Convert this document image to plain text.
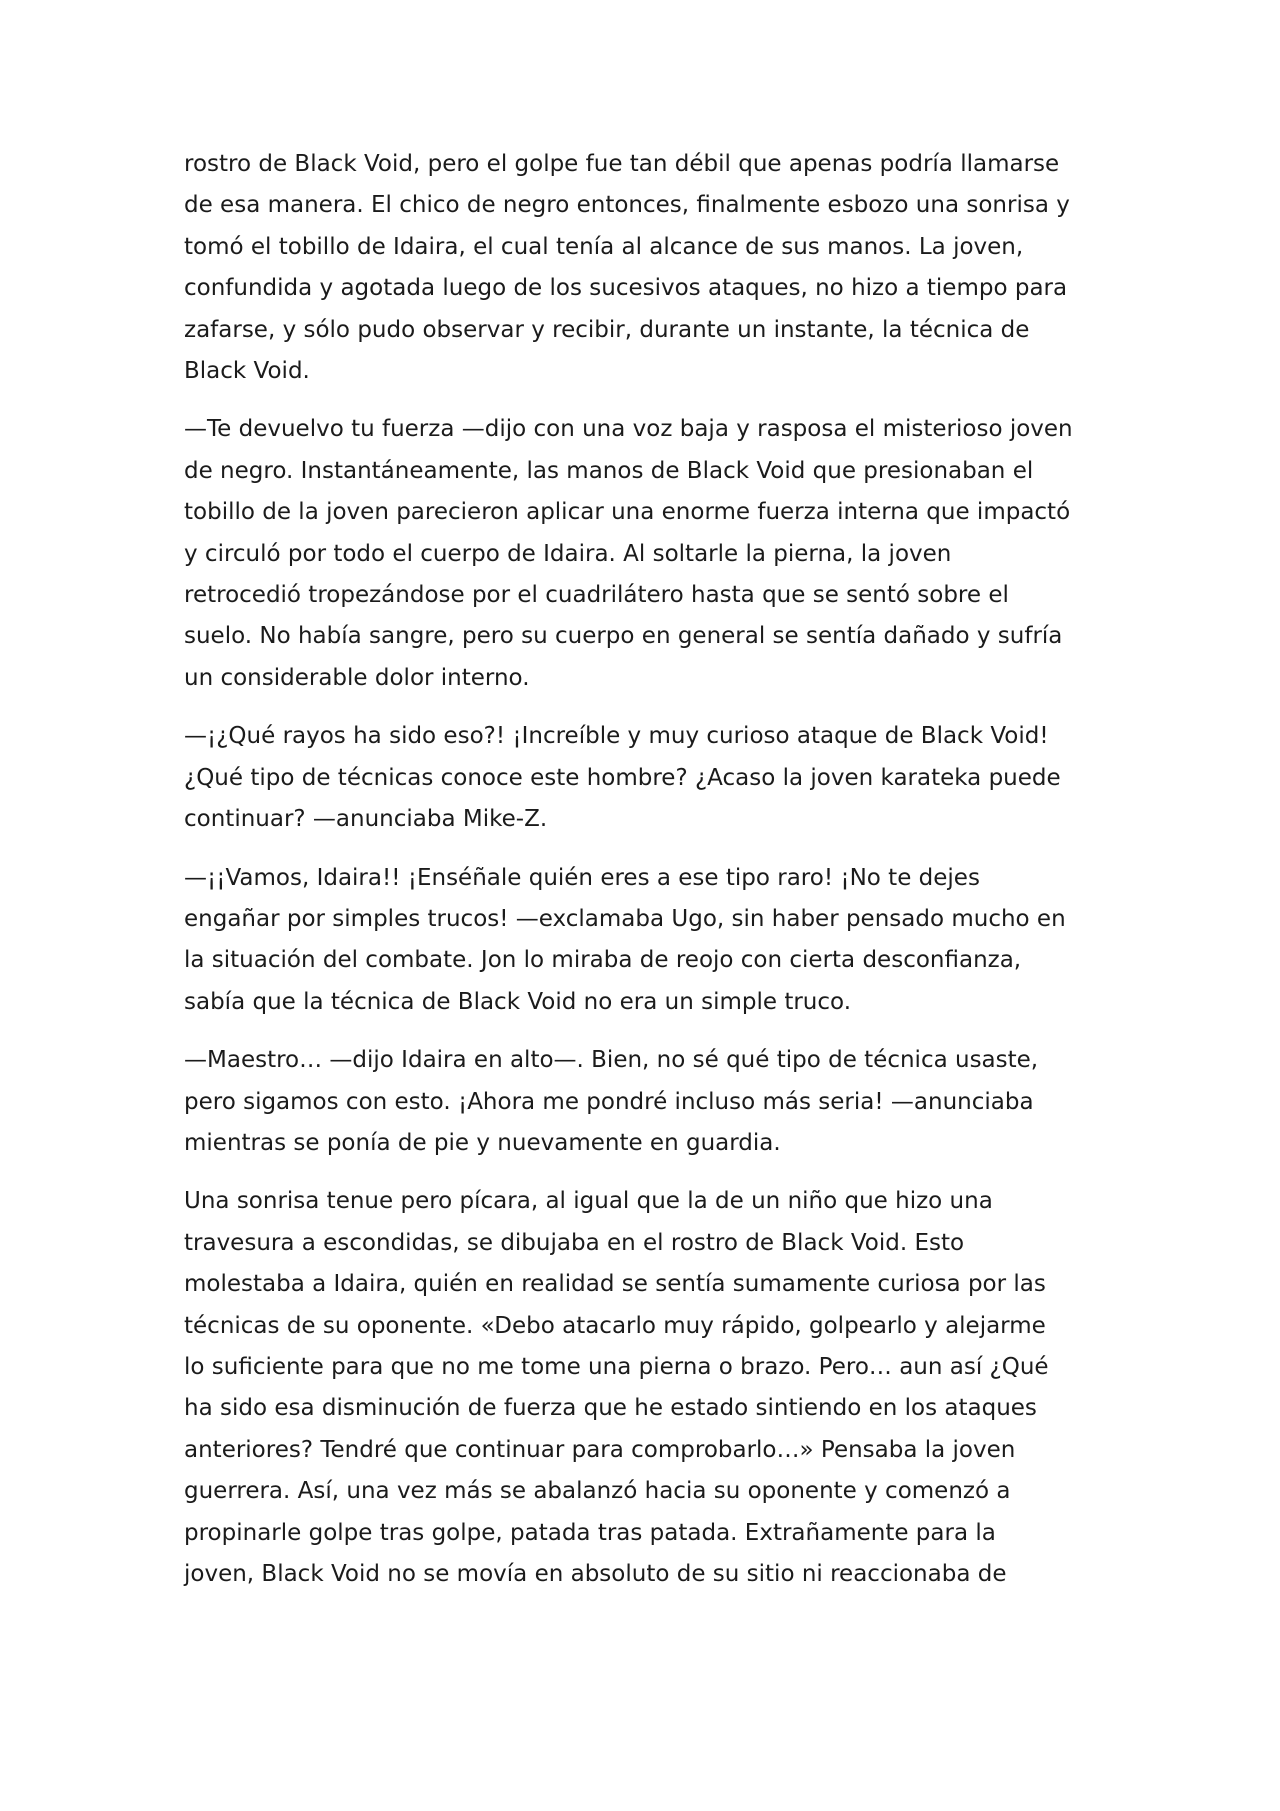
rostro de Black Void, pero el golpe fue tan débil que apenas podría llamarse
de esa manera. El chico de negro entonces, finalmente esbozo una sonrisa y
tomó el tobillo de Idaira, el cual tenía al alcance de sus manos. La joven,
confundida y agotada luego de los sucesivos ataques, no hizo a tiempo para
zafarse, y sólo pudo observar y recibir, durante un instante, la técnica de
Black Void.

—Te devuelvo tu fuerza —dijo con una voz baja y rasposa el misterioso joven
de negro. Instantáneamente, las manos de Black Void que presionaban el
tobillo de la joven parecieron aplicar una enorme fuerza interna que impactó
y circuló por todo el cuerpo de Idaira. Al soltarle la pierna, la joven
retrocedió tropezándose por el cuadrilátero hasta que se sentó sobre el
suelo. No había sangre, pero su cuerpo en general se sentía dañado y sufría
un considerable dolor interno.

—¡¿Qué rayos ha sido eso?! ¡Increíble y muy curioso ataque de Black Void!
¿Qué tipo de técnicas conoce este hombre? ¿Acaso la joven karateka puede
continuar? —anunciaba Mike-Z.

—¡¡Vamos, Idaira!! ¡Enséñale quién eres a ese tipo raro! ¡No te dejes
engañar por simples trucos! —exclamaba Ugo, sin haber pensado mucho en
la situación del combate. Jon lo miraba de reojo con cierta desconfianza,
sabía que la técnica de Black Void no era un simple truco.

—Maestro… —dijo Idaira en alto—. Bien, no sé qué tipo de técnica usaste,
pero sigamos con esto. ¡Ahora me pondré incluso más seria! —anunciaba
mientras se ponía de pie y nuevamente en guardia.

Una sonrisa tenue pero pícara, al igual que la de un niño que hizo una
travesura a escondidas, se dibujaba en el rostro de Black Void. Esto
molestaba a Idaira, quién en realidad se sentía sumamente curiosa por las
técnicas de su oponente. «Debo atacarlo muy rápido, golpearlo y alejarme
lo suficiente para que no me tome una pierna o brazo. Pero… aun así ¿Qué
ha sido esa disminución de fuerza que he estado sintiendo en los ataques
anteriores? Tendré que continuar para comprobarlo…» Pensaba la joven
guerrera. Así, una vez más se abalanzó hacia su oponente y comenzó a
propinarle golpe tras golpe, patada tras patada. Extrañamente para la
joven, Black Void no se movía en absoluto de su sitio ni reaccionaba de
